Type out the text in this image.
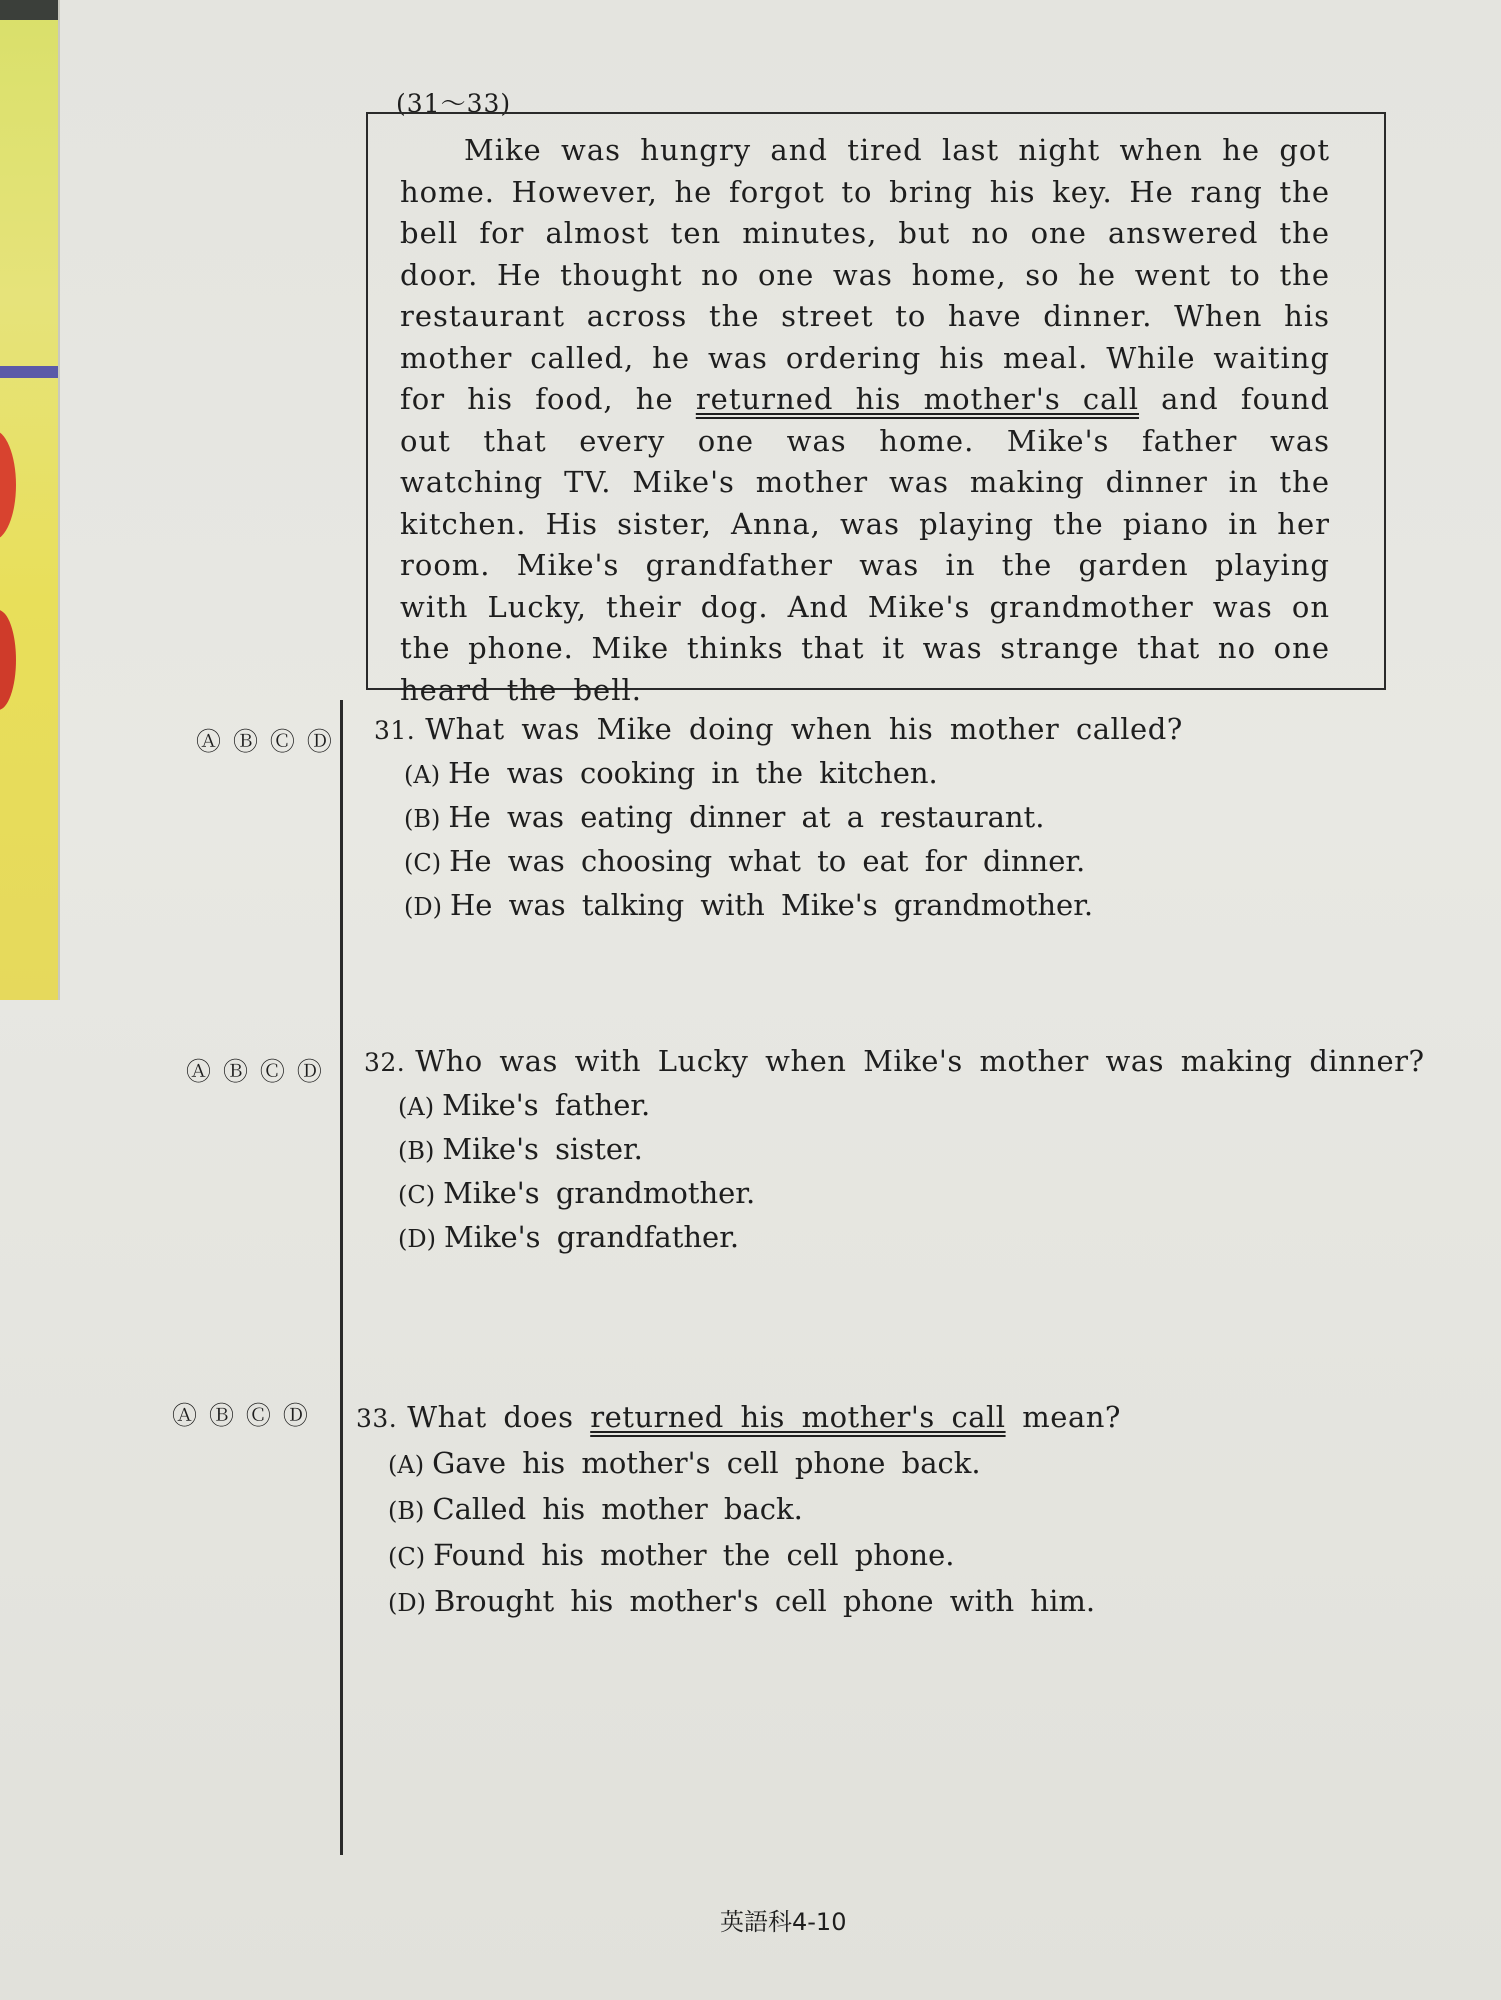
(31〜33)
Mike was hungry and tired last night when he got home. However, he forgot to bring his key. He rang the bell for almost ten minutes, but no one answered the door. He thought no one was home, so he went to the restaurant across the street to have dinner. When his mother called, he was ordering his meal. While waiting for his food, he returned his mother's call and found out that every one was home. Mike's father was watching TV. Mike's mother was making dinner in the kitchen. His sister, Anna, was playing the piano in her room. Mike's grandfather was in the garden playing with Lucky, their dog. And Mike's grandmother was on the phone. Mike thinks that it was strange that no one heard the bell.
Ⓐ Ⓑ Ⓒ Ⓓ 31. What was Mike doing when his mother called?
(A) He was cooking in the kitchen.
(B) He was eating dinner at a restaurant.
(C) He was choosing what to eat for dinner.
(D) He was talking with Mike's grandmother.
Ⓐ Ⓑ Ⓒ Ⓓ 32. Who was with Lucky when Mike's mother was making dinner?
(A) Mike's father.
(B) Mike's sister.
(C) Mike's grandmother.
(D) Mike's grandfather.
Ⓐ Ⓑ Ⓒ Ⓓ 33. What does returned his mother's call mean?
(A) Gave his mother's cell phone back.
(B) Called his mother back.
(C) Found his mother the cell phone.
(D) Brought his mother's cell phone with him.
英語科4-10
